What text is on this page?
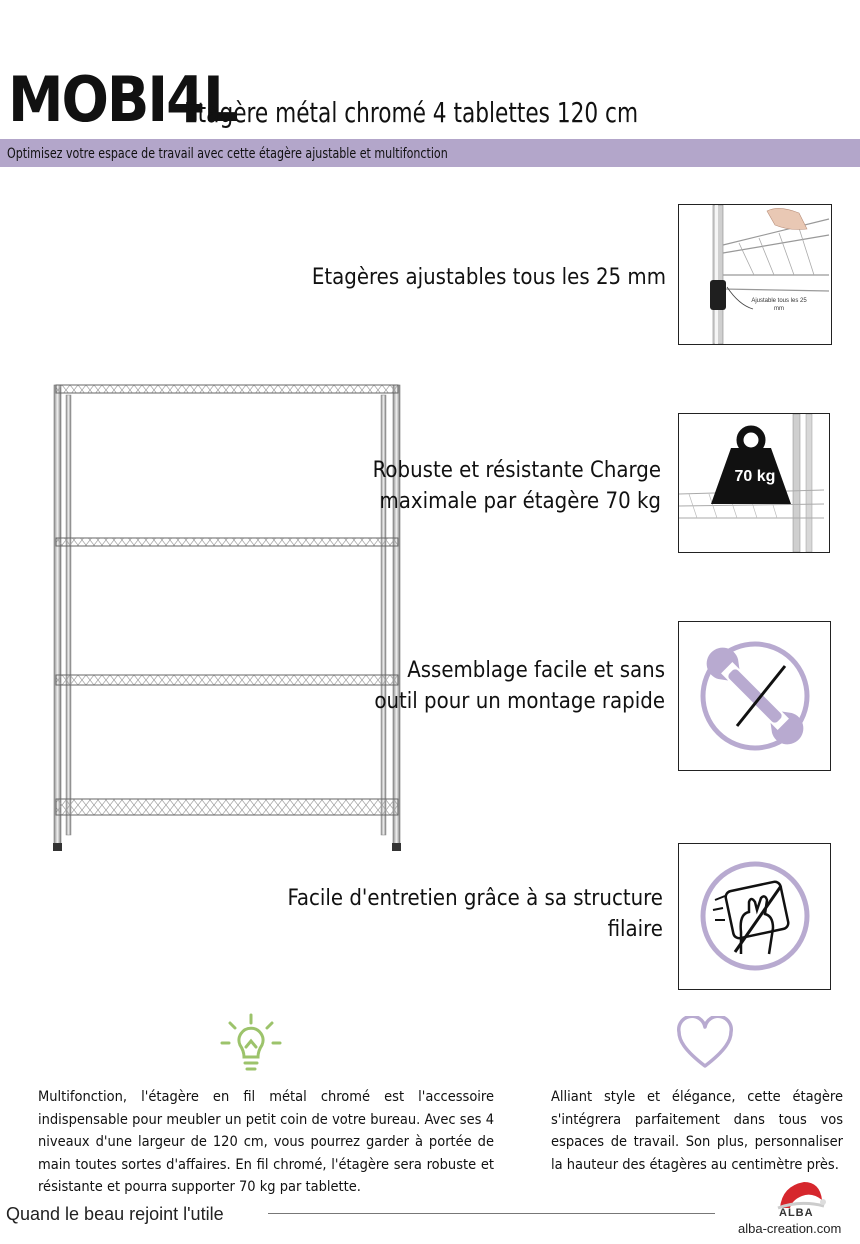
MOBI4L
Etagère métal chromé 4 tablettes 120 cm
Optimisez votre espace de travail avec cette étagère ajustable et multifonction
Etagères ajustables tous les 25 mm
Ajustable tous les 25 mm
Robuste et résistante Charge maximale par étagère 70 kg
70 kg
Assemblage facile et sans outil pour un montage rapide
Facile d'entretien grâce à sa structure filaire
Multifonction, l'étagère en fil métal chromé est l'accessoire indispensable pour meubler un petit coin de votre bureau. Avec ses 4 niveaux d'une largeur de 120 cm, vous pourrez garder à portée de main toutes sortes d'affaires. En fil chromé, l'étagère sera robuste et résistante et pourra supporter 70 kg par tablette.
Alliant style et élégance, cette étagère s'intégrera parfaitement dans tous vos espaces de travail. Son plus, personnaliser la hauteur des étagères au centimètre près.
Quand le beau rejoint l'utile	ALBA
alba-creation.com
